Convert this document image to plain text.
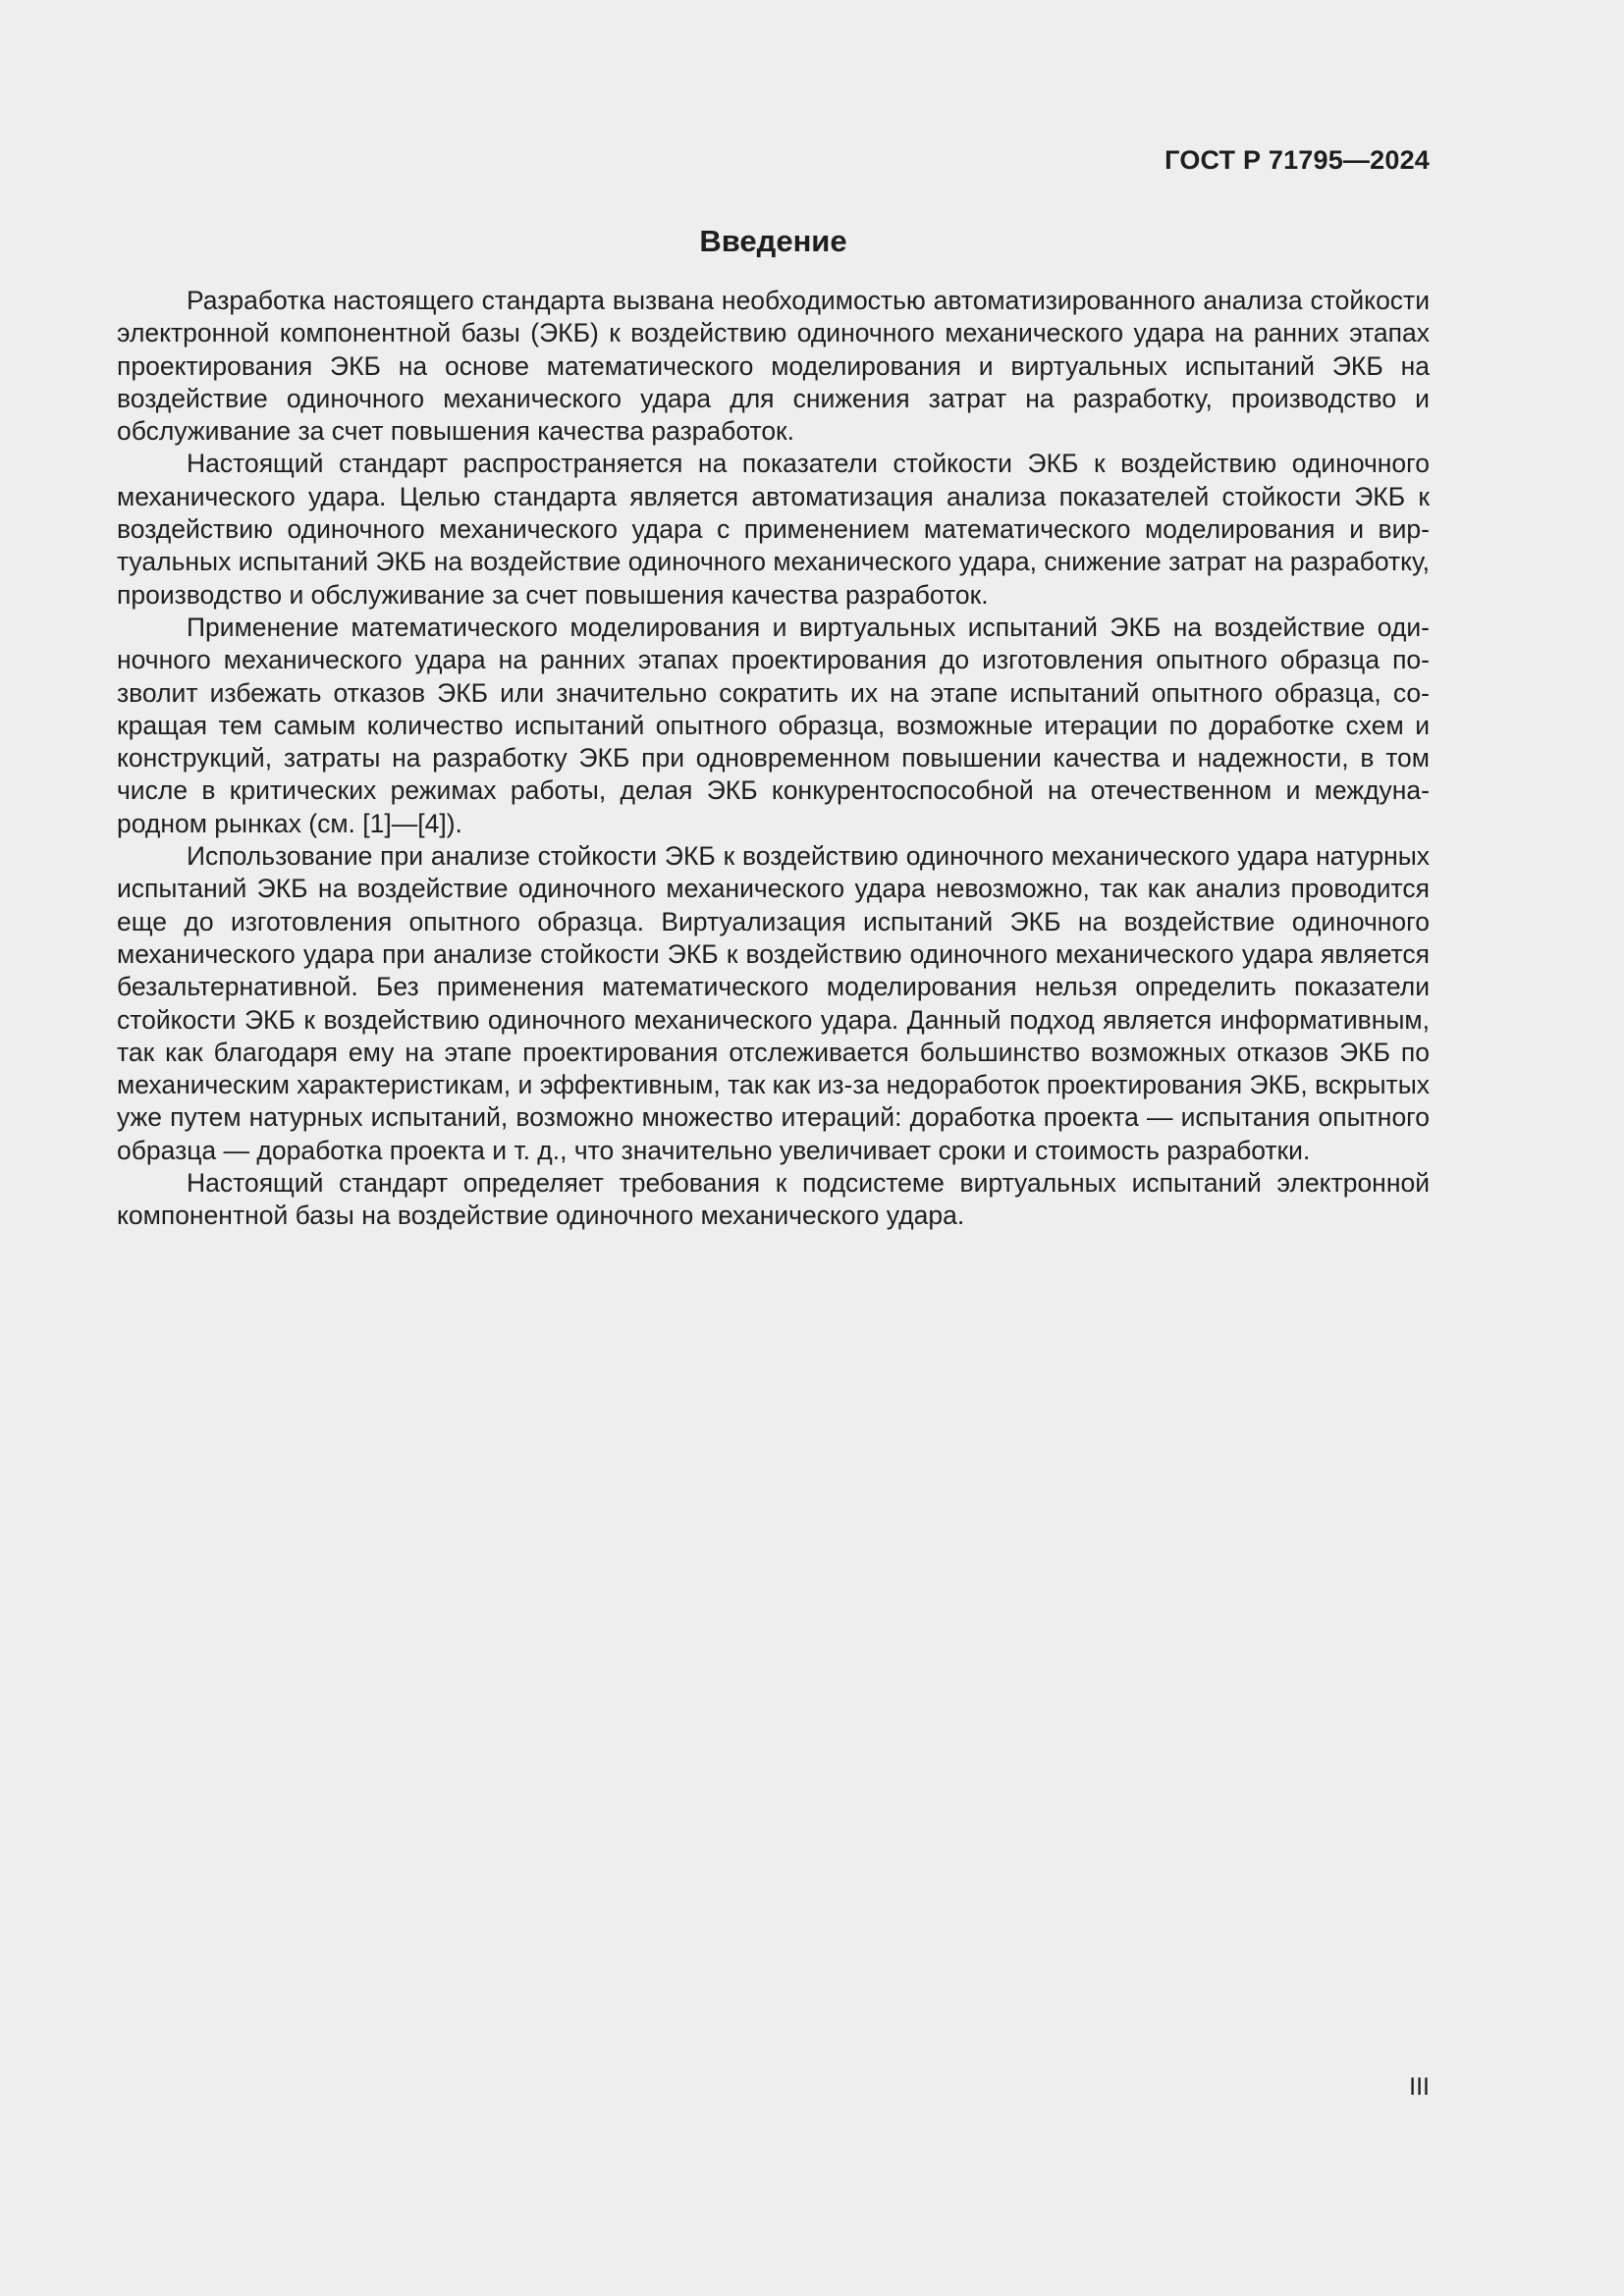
ГОСТ Р 71795—2024
Введение

Разработка настоящего стандарта вызвана необходимостью автоматизированного анализа стойкости электронной компонентной базы (ЭКБ) к воздействию одиночного механического удара на ранних этапах проектирования ЭКБ на основе математического моделирования и виртуальных испытаний ЭКБ на воздействие одиночного механического удара для снижения затрат на разработку, производство и обслуживание за счет повышения качества разработок.

Настоящий стандарт распространяется на показатели стойкости ЭКБ к воздействию одиночного механического удара. Целью стандарта является автоматизация анализа показателей стойкости ЭКБ к воздействию одиночного механического удара с применением математического моделирования и виртуальных испытаний ЭКБ на воздействие одиночного механического удара, снижение затрат на разработку, производство и обслуживание за счет повышения качества разработок.

Применение математического моделирования и виртуальных испытаний ЭКБ на воздействие одиночного механического удара на ранних этапах проектирования до изготовления опытного образца позволит избежать отказов ЭКБ или значительно сократить их на этапе испытаний опытного образца, сокращая тем самым количество испытаний опытного образца, возможные итерации по доработке схем и конструкций, затраты на разработку ЭКБ при одновременном повышении качества и надежности, в том числе в критических режимах работы, делая ЭКБ конкурентоспособной на отечественном и международном рынках (см. [1]—[4]).

Использование при анализе стойкости ЭКБ к воздействию одиночного механического удара натурных испытаний ЭКБ на воздействие одиночного механического удара невозможно, так как анализ проводится еще до изготовления опытного образца. Виртуализация испытаний ЭКБ на воздействие одиночного механического удара при анализе стойкости ЭКБ к воздействию одиночного механического удара является безальтернативной. Без применения математического моделирования нельзя определить показатели стойкости ЭКБ к воздействию одиночного механического удара. Данный подход является информативным, так как благодаря ему на этапе проектирования отслеживается большинство возможных отказов ЭКБ по механическим характеристикам, и эффективным, так как из-за недоработок проектирования ЭКБ, вскрытых уже путем натурных испытаний, возможно множество итераций: доработка проекта — испытания опытного образца — доработка проекта и т. д., что значительно увеличивает сроки и стоимость разработки.

Настоящий стандарт определяет требования к подсистеме виртуальных испытаний электронной компонентной базы на воздействие одиночного механического удара.

III
